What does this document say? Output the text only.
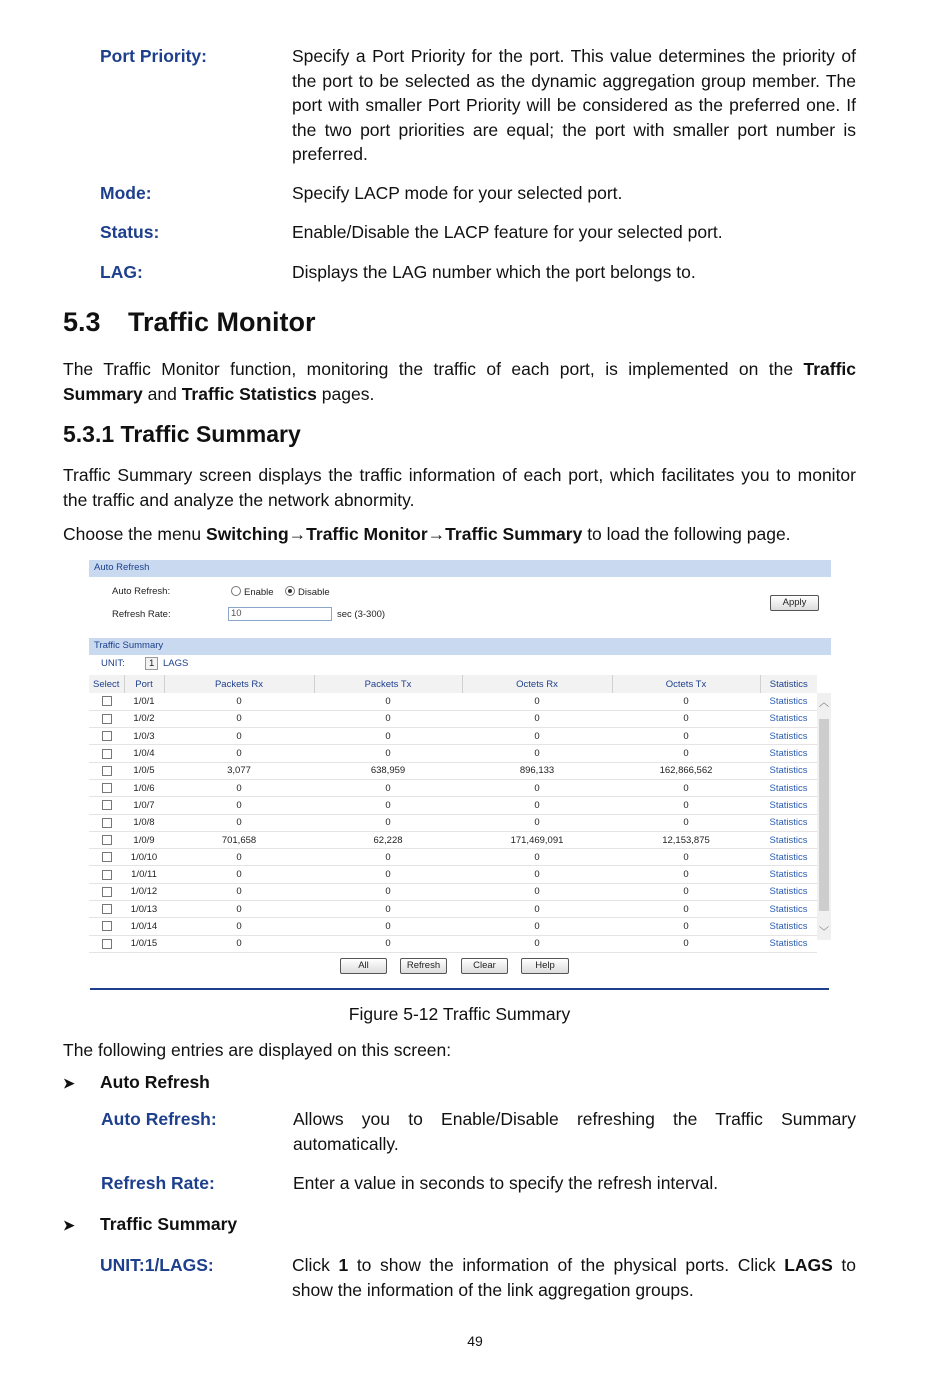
Port Priority:	Specify a Port Priority for the port. This value determines the priority of the port to be selected as the dynamic aggregation group member. The port with smaller Port Priority will be considered as the preferred one. If the two port priorities are equal; the port with smaller port number is preferred.
Mode:	Specify LACP mode for your selected port.
Status:	Enable/Disable the LACP feature for your selected port.
LAG:	Displays the LAG number which the port belongs to.
5.3 Traffic Monitor
The Traffic Monitor function, monitoring the traffic of each port, is implemented on the Traffic Summary and Traffic Statistics pages.
5.3.1 Traffic Summary
Traffic Summary screen displays the traffic information of each port, which facilitates you to monitor the traffic and analyze the network abnormity.
Choose the menu Switching→Traffic Monitor→Traffic Summary to load the following page.
Auto Refresh
Auto Refresh:	Enable	Disable
Refresh Rate:	10	sec (3-300)
Apply
Traffic Summary
UNIT:	1 LAGS
Select	Port	Packets Rx	Packets Tx	Octets Rx	Octets Tx	Statistics
	1/0/1	0	0	0	0	Statistics
	1/0/2	0	0	0	0	Statistics
	1/0/3	0	0	0	0	Statistics
	1/0/4	0	0	0	0	Statistics
	1/0/5	3,077	638,959	896,133	162,866,562	Statistics
	1/0/6	0	0	0	0	Statistics
	1/0/7	0	0	0	0	Statistics
	1/0/8	0	0	0	0	Statistics
	1/0/9	701,658	62,228	171,469,091	12,153,875	Statistics
	1/0/10	0	0	0	0	Statistics
	1/0/11	0	0	0	0	Statistics
	1/0/12	0	0	0	0	Statistics
	1/0/13	0	0	0	0	Statistics
	1/0/14	0	0	0	0	Statistics
	1/0/15	0	0	0	0	Statistics
︿
﹀
All	Refresh	Clear	Help
Figure 5-12 Traffic Summary
The following entries are displayed on this screen:
➤ Auto Refresh
Auto Refresh:	Allows you to Enable/Disable refreshing the Traffic Summary automatically.
Refresh Rate:	Enter a value in seconds to specify the refresh interval.
➤ Traffic Summary
UNIT:1/LAGS:	Click 1 to show the information of the physical ports. Click LAGS to show the information of the link aggregation groups.
49
